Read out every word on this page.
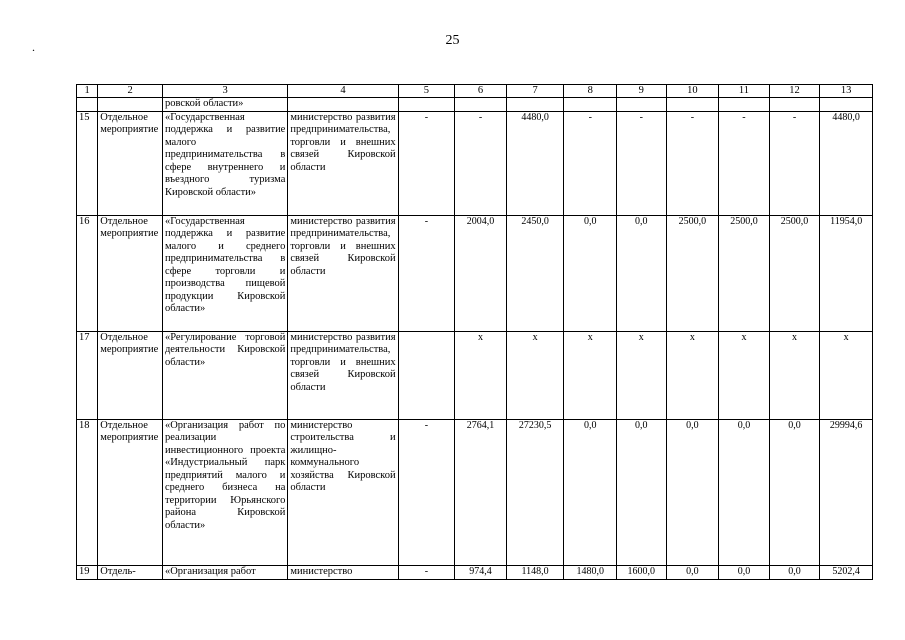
25
.
1	2	3	4	5	6	7	8	9	10	11	12	13
		ровской области»										
15	Отдельное мероприятие	«Государственная поддержка и развитие малого предпринимательства в сфере внутреннего и въездного туризма Кировской области»	министерство развития предпринимательства, торговли и внешних связей Кировской области	-	-	4480,0	-	-	-	-	-	4480,0
16	Отдельное мероприятие	«Государственная поддержка и развитие малого и среднего предпринимательства в сфере торговли и производства пищевой продукции Кировской области»	министерство развития предпринимательства, торговли и внешних связей Кировской области	-	2004,0	2450,0	0,0	0,0	2500,0	2500,0	2500,0	11954,0
17	Отдельное мероприятие	«Регулирование торговой деятельности Кировской области»	министерство развития предпринимательства, торговли и внешних связей Кировской области		х	х	х	х	х	х	х	х
18	Отдельное мероприятие	«Организация работ по реализации инвестиционного проекта «Индустриальный парк предприятий малого и среднего бизнеса на территории Юрьянского района Кировской области»	министерство строительства и жилищно-коммунального хозяйства Кировской области	-	2764,1	27230,5	0,0	0,0	0,0	0,0	0,0	29994,6
19	Отдель-	«Организация работ	министерство	-	974,4	1148,0	1480,0	1600,0	0,0	0,0	0,0	5202,4
